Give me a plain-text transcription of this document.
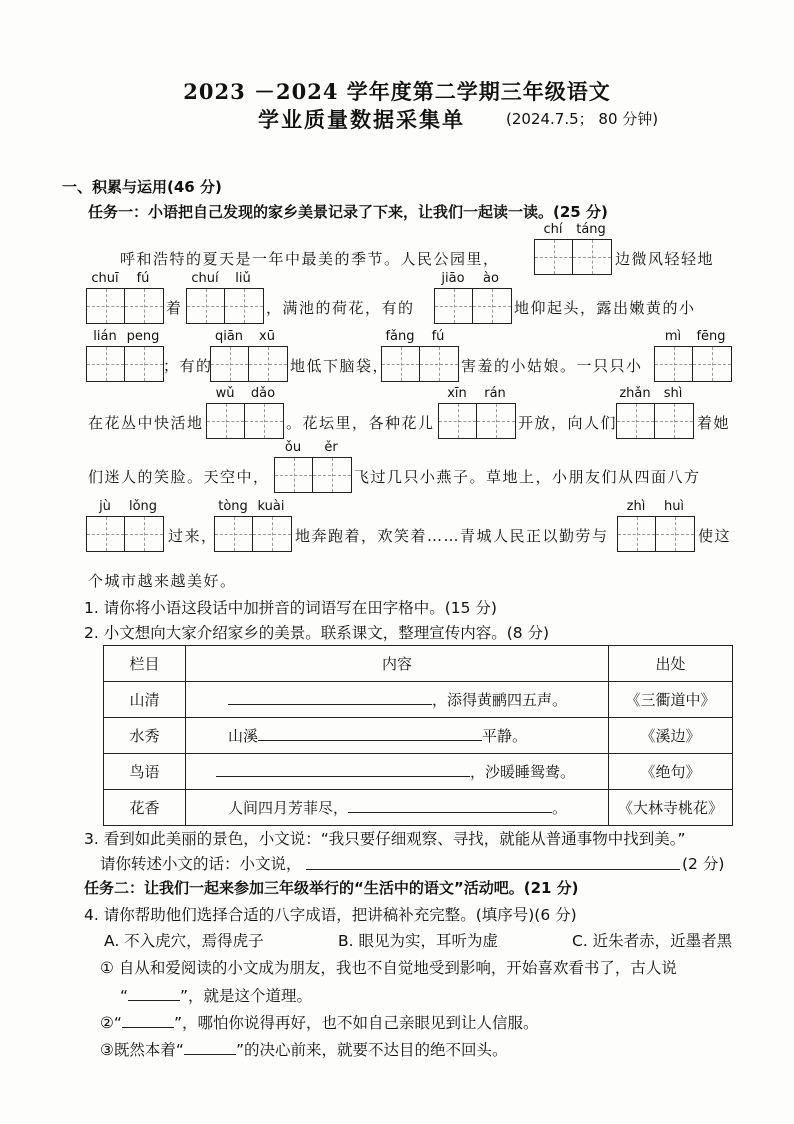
2023 －2024 学年度第二学期三年级语文
学业质量数据采集单	(2024.7.5； 80 分钟)
一、积累与运用(46 分)
任务一：小语把自己发现的家乡美景记录了下来，让我们一起读一读。(25 分)
呼和浩特的夏天是一年中最美的季节。人民公园里，
chí	táng
边微风轻轻地
chuī	fú
着
chuí	liǔ
，满池的荷花，有的
jiāo	ào
地仰起头，露出嫩黄的小
lián peng
；有的
qiān	xū
地低下脑袋，
fǎng	fú
害羞的小姑娘。一只只小
mì	fēng
在花丛中快活地
wǔ	dǎo
。花坛里，各种花儿
xīn	rán
开放，向人们
zhǎn	shì
着她
们迷人的笑脸。天空中，
ǒu	ěr
飞过几只小燕子。草地上，小朋友们从四面八方
jù	lǒng
过来，
tòng kuài
地奔跑着，欢笑着……青城人民正以勤劳与
zhì	huì
使这
个城市越来越美好。
1. 请你将小语这段话中加拼音的词语写在田字格中。(15 分)
2. 小文想向大家介绍家乡的美景。联系课文，整理宣传内容。(8 分)
栏目	内容	出处
山清	，添得黄鹂四五声。	《三衢道中》
水秀	山溪 平静。	《溪边》
鸟语	，沙暖睡鸳鸯。	《绝句》
花香	人间四月芳菲尽， 。	《大林寺桃花》
3. 看到如此美丽的景色，小文说：“我只要仔细观察、寻找，就能从普通事物中找到美。”
请你转述小文的话：小文说，	(2 分)
任务二：让我们一起来参加三年级举行的“生活中的语文”活动吧。(21 分)
4. 请你帮助他们选择合适的八字成语，把讲稿补充完整。(填序号)(6 分)
A. 不入虎穴，焉得虎子	B. 眼见为实，耳听为虚	C. 近朱者赤，近墨者黑
① 自从和爱阅读的小文成为朋友，我也不自觉地受到影响，开始喜欢看书了，古人说
“	”，就是这个道理。
②“	”，哪怕你说得再好，也不如自己亲眼见到让人信服。
③既然本着“	”的决心前来，就要不达目的绝不回头。
